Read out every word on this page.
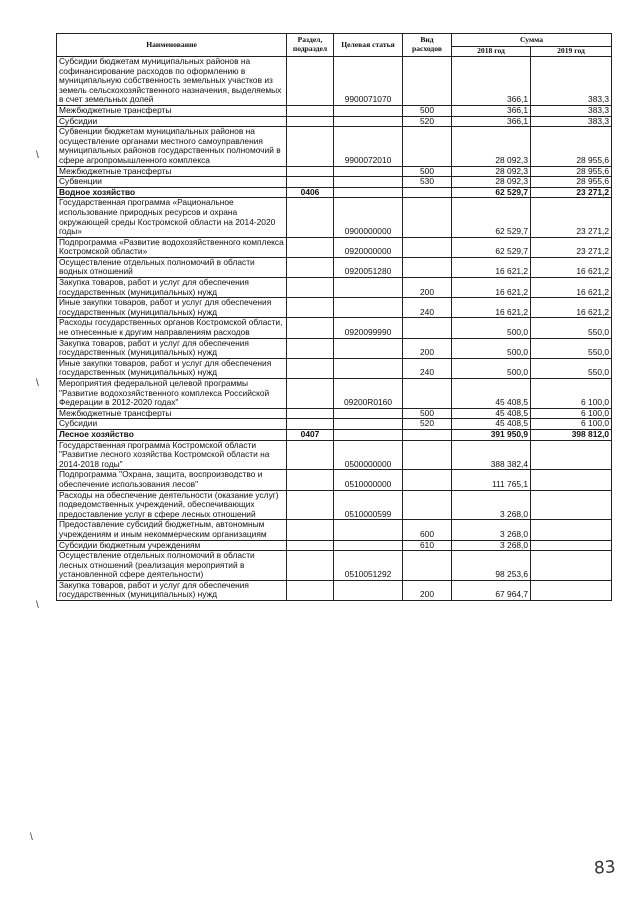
Наименование	Раздел, подраздел	Целевая статья	Вид расходов	Сумма	
				2018 год	2019 год
Субсидии бюджетам муниципальных районов на софинансирование расходов по оформлению в муниципальную собственность земельных участков из земель сельскохозяйственного назначения, выделяемых в счет земельных долей		9900071070		366,1	383,3
Межбюджетные трансферты			500	366,1	383,3
Субсидии			520	366,1	383,3
Субвенции бюджетам муниципальных районов на осуществление органами местного самоуправления муниципальных районов государственных полномочий в сфере агропромышленного комплекса		9900072010		28 092,3	28 955,6
Межбюджетные трансферты			500	28 092,3	28 955,6
Субвенции			530	28 092,3	28 955,6
Водное хозяйство	0406			62 529,7	23 271,2
Государственная программа «Рациональное использование природных ресурсов и охрана окружающей среды Костромской области на 2014-2020 годы»		0900000000		62 529,7	23 271,2
Подпрограмма «Развитие водохозяйственного комплекса Костромской области»		0920000000		62 529,7	23 271,2
Осуществление отдельных полномочий в области водных отношений		0920051280		16 621,2	16 621,2
Закупка товаров, работ и услуг для обеспечения государственных (муниципальных) нужд			200	16 621,2	16 621,2
Иные закупки товаров, работ и услуг для обеспечения государственных (муниципальных) нужд			240	16 621,2	16 621,2
Расходы государственных органов Костромской области, не отнесенные к другим направлениям расходов		0920099990		500,0	550,0
Закупка товаров, работ и услуг для обеспечения государственных (муниципальных) нужд			200	500,0	550,0
Иные закупки товаров, работ и услуг для обеспечения государственных (муниципальных) нужд			240	500,0	550,0
Мероприятия федеральной целевой программы "Развитие водохозяйственного комплекса Российской Федерации в 2012-2020 годах"		09200R0160		45 408,5	6 100,0
Межбюджетные трансферты			500	45 408,5	6 100,0
Субсидии			520	45 408,5	6 100,0
Лесное хозяйство	0407			391 950,9	398 812,0
Государственная программа Костромской области "Развитие лесного хозяйства Костромской области на 2014-2018 годы"		0500000000		388 382,4	
Подпрограмма "Охрана, защита, воспроизводство и обеспечение использования лесов"		0510000000		111 765,1	
Расходы на обеспечение деятельности (оказание услуг) подведомственных учреждений, обеспечивающих предоставление услуг в сфере лесных отношений		0510000599		3 268,0	
Предоставление субсидий бюджетным, автономным учреждениям и иным некоммерческим организациям			600	3 268,0	
Субсидии бюджетным учреждениям			610	3 268,0	
Осуществление отдельных полномочий в области лесных отношений (реализация мероприятий в установленной сфере деятельности)		0510051292		98 253,6	
Закупка товаров, работ и услуг для обеспечения государственных (муниципальных) нужд			200	67 964,7	
\
\
\
\
83
